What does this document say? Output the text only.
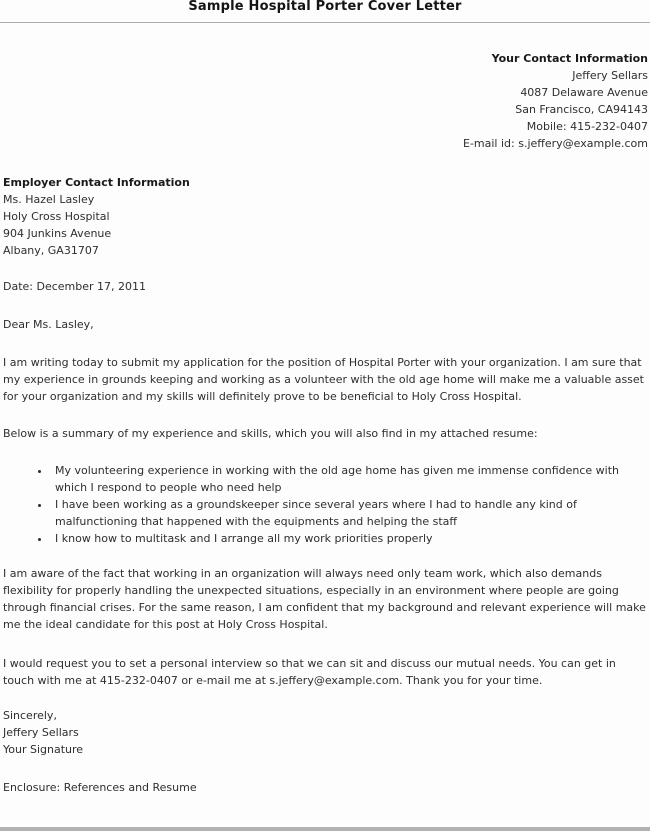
Sample Hospital Porter Cover Letter
Your Contact Information
Jeffery Sellars
4087 Delaware Avenue
San Francisco, CA94143
Mobile: 415-232-0407
E-mail id: s.jeffery@example.com
Employer Contact Information
Ms. Hazel Lasley
Holy Cross Hospital
904 Junkins Avenue
Albany, GA31707
Date: December 17, 2011
Dear Ms. Lasley,
I am writing today to submit my application for the position of Hospital Porter with your organization. I am sure that my experience in grounds keeping and working as a volunteer with the old age home will make me a valuable asset for your organization and my skills will definitely prove to be beneficial to Holy Cross Hospital.
Below is a summary of my experience and skills, which you will also find in my attached resume:
• My volunteering experience in working with the old age home has given me immense confidence with which I respond to people who need help
• I have been working as a groundskeeper since several years where I had to handle any kind of malfunctioning that happened with the equipments and helping the staff
• I know how to multitask and I arrange all my work priorities properly
I am aware of the fact that working in an organization will always need only team work, which also demands flexibility for properly handling the unexpected situations, especially in an environment where people are going through financial crises. For the same reason, I am confident that my background and relevant experience will make me the ideal candidate for this post at Holy Cross Hospital.
I would request you to set a personal interview so that we can sit and discuss our mutual needs. You can get in touch with me at 415-232-0407 or e-mail me at s.jeffery@example.com. Thank you for your time.
Sincerely,
Jeffery Sellars
Your Signature
Enclosure: References and Resume
